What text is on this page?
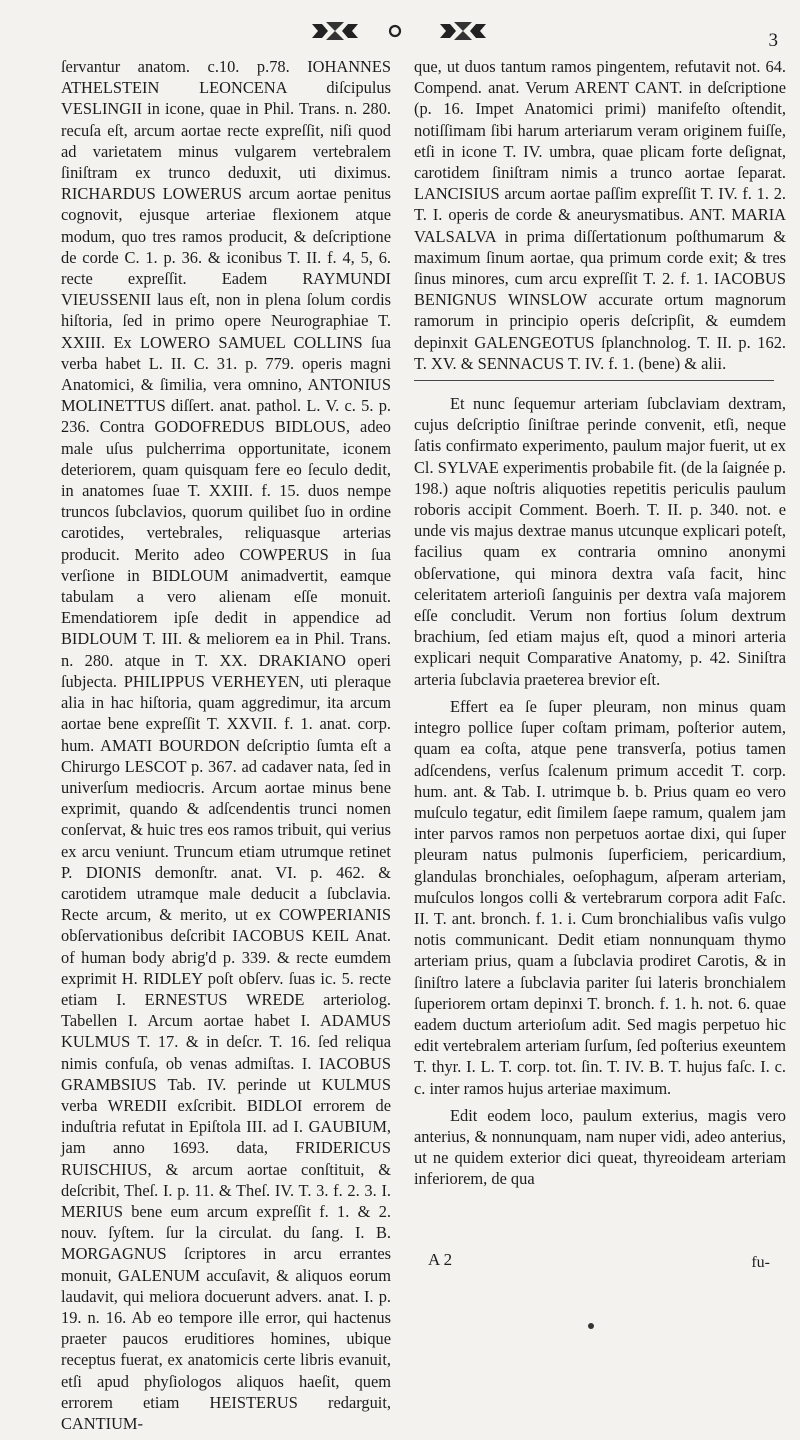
3

ſervantur anatom. c.10. p.78. IOHANNES ATHELSTEIN LEONCENA diſcipulus VESLINGII in icone, quae in Phil. Trans. n. 280. recuſa eſt, arcum aortae recte expreſſit, niſi quod ad varietatem minus vulgarem vertebralem ſiniſtram ex trunco deduxit, uti diximus. RICHARDUS LOWERUS arcum aortae penitus cognovit, ejusque arteriae flexionem atque modum, quo tres ramos producit, & deſcriptione de corde C. 1. p. 36. & iconibus T. II. f. 4, 5, 6. recte expreſſit. Eadem RAYMUNDI VIEUSSENII laus eſt, non in plena ſolum cordis hiſtoria, ſed in primo opere Neurographiae T. XXIII. Ex LOWERO SAMUEL COLLINS ſua verba habet L. II. C. 31. p. 779. operis magni Anatomici, & ſimilia, vera omnino, ANTONIUS MOLINETTUS diſſert. anat. pathol. L. V. c. 5. p. 236. Contra GODOFREDUS BIDLOUS, adeo male uſus pulcherrima opportunitate, iconem deteriorem, quam quisquam fere eo ſeculo dedit, in anatomes ſuae T. XXIII. f. 15. duos nempe truncos ſubclavios, quorum quilibet ſuo in ordine carotides, vertebrales, reliquasque arterias producit. Merito adeo COWPERUS in ſua verſione in BIDLOUM animadvertit, eamque tabulam a vero alienam eſſe monuit. Emendatiorem ipſe dedit in appendice ad BIDLOUM T. III. & meliorem ea in Phil. Trans. n. 280. atque in T. XX. DRAKIANO operi ſubjecta. PHILIPPUS VERHEYEN, uti pleraque alia in hac hiſtoria, quam aggredimur, ita arcum aortae bene expreſſit T. XXVII. f. 1. anat. corp. hum. AMATI BOURDON deſcriptio ſumta eſt a Chirurgo LESCOT p. 367. ad cadaver nata, ſed in univerſum mediocris. Arcum aortae minus bene exprimit, quando & adſcendentis trunci nomen conſervat, & huic tres eos ramos tribuit, qui verius ex arcu veniunt. Truncum etiam utrumque retinet P. DIONIS demonſtr. anat. VI. p. 462. & carotidem utramque male deducit a ſubclavia. Recte arcum, & merito, ut ex COWPERIANIS obſervationibus deſcribit IACOBUS KEIL Anat. of human body abrig'd p. 339. & recte eumdem exprimit H. RIDLEY poſt obſerv. ſuas ic. 5. recte etiam I. ERNESTUS WREDE arteriolog. Tabellen I. Arcum aortae habet I. ADAMUS KULMUS T. 17. & in deſcr. T. 16. ſed reliqua nimis confuſa, ob venas admiſtas. I. IACOBUS GRAMBSIUS Tab. IV. perinde ut KULMUS verba WREDII exſcribit. BIDLOI errorem de induſtria refutat in Epiſtola III. ad I. GAUBIUM, jam anno 1693. data, FRIDERICUS RUISCHIUS, & arcum aortae conſtituit, & deſcribit, Theſ. I. p. 11. & Theſ. IV. T. 3. f. 2. 3. I. MERIUS bene eum arcum expreſſit f. 1. & 2. nouv. ſyſtem. ſur la circulat. du ſang. I. B. MORGAGNUS ſcriptores in arcu errantes monuit, GALENUM accuſavit, & aliquos eorum laudavit, qui meliora docuerunt advers. anat. I. p. 19. n. 16. Ab eo tempore ille error, qui hactenus praeter paucos eruditiores homines, ubique receptus fuerat, ex anatomicis certe libris evanuit, etſi apud phyſiologos aliquos haeſit, quem errorem etiam HEISTERUS redarguit, CANTIUM-

que, ut duos tantum ramos pingentem, refutavit not. 64. Compend. anat. Verum ARENT CANT. in deſcriptione (p. 16. Impet Anatomici primi) manifeſto oſtendit, notiſſimam ſibi harum arteriarum veram originem fuiſſe, etſi in icone T. IV. umbra, quae plicam forte deſignat, carotidem ſiniſtram nimis a trunco aortae ſeparat. LANCISIUS arcum aortae paſſim expreſſit T. IV. f. 1. 2. T. I. operis de corde & aneurysmatibus. ANT. MARIA VALSALVA in prima diſſertationum poſthumarum & maximum ſinum aortae, qua primum corde exit; & tres ſinus minores, cum arcu expreſſit T. 2. f. 1. IACOBUS BENIGNUS WINSLOW accurate ortum magnorum ramorum in principio operis deſcripſit, & eumdem depinxit GALENGEOTUS ſplanchnolog. T. II. p. 162. T. XV. & SENNACUS T. IV. f. 1. (bene) & alii.

Et nunc ſequemur arteriam ſubclaviam dextram, cujus deſcriptio ſiniſtrae perinde convenit, etſi, neque ſatis confirmato experimento, paulum major fuerit, ut ex Cl. SYLVAE experimentis probabile fit. (de la ſaignée p. 198.) aque noſtris aliquoties repetitis periculis paulum roboris accipit Comment. Boerh. T. II. p. 340. not. e unde vis majus dextrae manus utcunque explicari poteſt, facilius quam ex contraria omnino anonymi obſervatione, qui minora dextra vaſa facit, hinc celeritatem arterioſi ſanguinis per dextra vaſa majorem eſſe concludit. Verum non fortius ſolum dextrum brachium, ſed etiam majus eſt, quod a minori arteria explicari nequit Comparative Anatomy, p. 42. Siniſtra arteria ſubclavia praeterea brevior eſt.

Effert ea ſe ſuper pleuram, non minus quam integro pollice ſuper coſtam primam, poſterior autem, quam ea coſta, atque pene transverſa, potius tamen adſcendens, verſus ſcalenum primum accedit T. corp. hum. ant. & Tab. I. utrimque b. b. Prius quam eo vero muſculo tegatur, edit ſimilem ſaepe ramum, qualem jam inter parvos ramos non perpetuos aortae dixi, qui ſuper pleuram natus pulmonis ſuperficiem, pericardium, glandulas bronchiales, oeſophagum, aſperam arteriam, muſculos longos colli & vertebrarum corpora adit Faſc. II. T. ant. bronch. f. 1. i. Cum bronchialibus vaſis vulgo notis communicant. Dedit etiam nonnunquam thymo arteriam prius, quam a ſubclavia prodiret Carotis, & in ſiniſtro latere a ſubclavia pariter ſui lateris bronchialem ſuperiorem ortam depinxi T. bronch. f. 1. h. not. 6. quae eadem ductum arterioſum adit. Sed magis perpetuo hic edit vertebralem arteriam ſurſum, ſed poſterius exeuntem T. thyr. I. L. T. corp. tot. ſin. T. IV. B. T. hujus faſc. I. c. c. inter ramos hujus arteriae maximum.

Edit eodem loco, paulum exterius, magis vero anterius, & nonnunquam, nam nuper vidi, adeo anterius, ut ne quidem exterior dici queat, thyreoideam arteriam inferiorem, de qua

A 2	fu-
